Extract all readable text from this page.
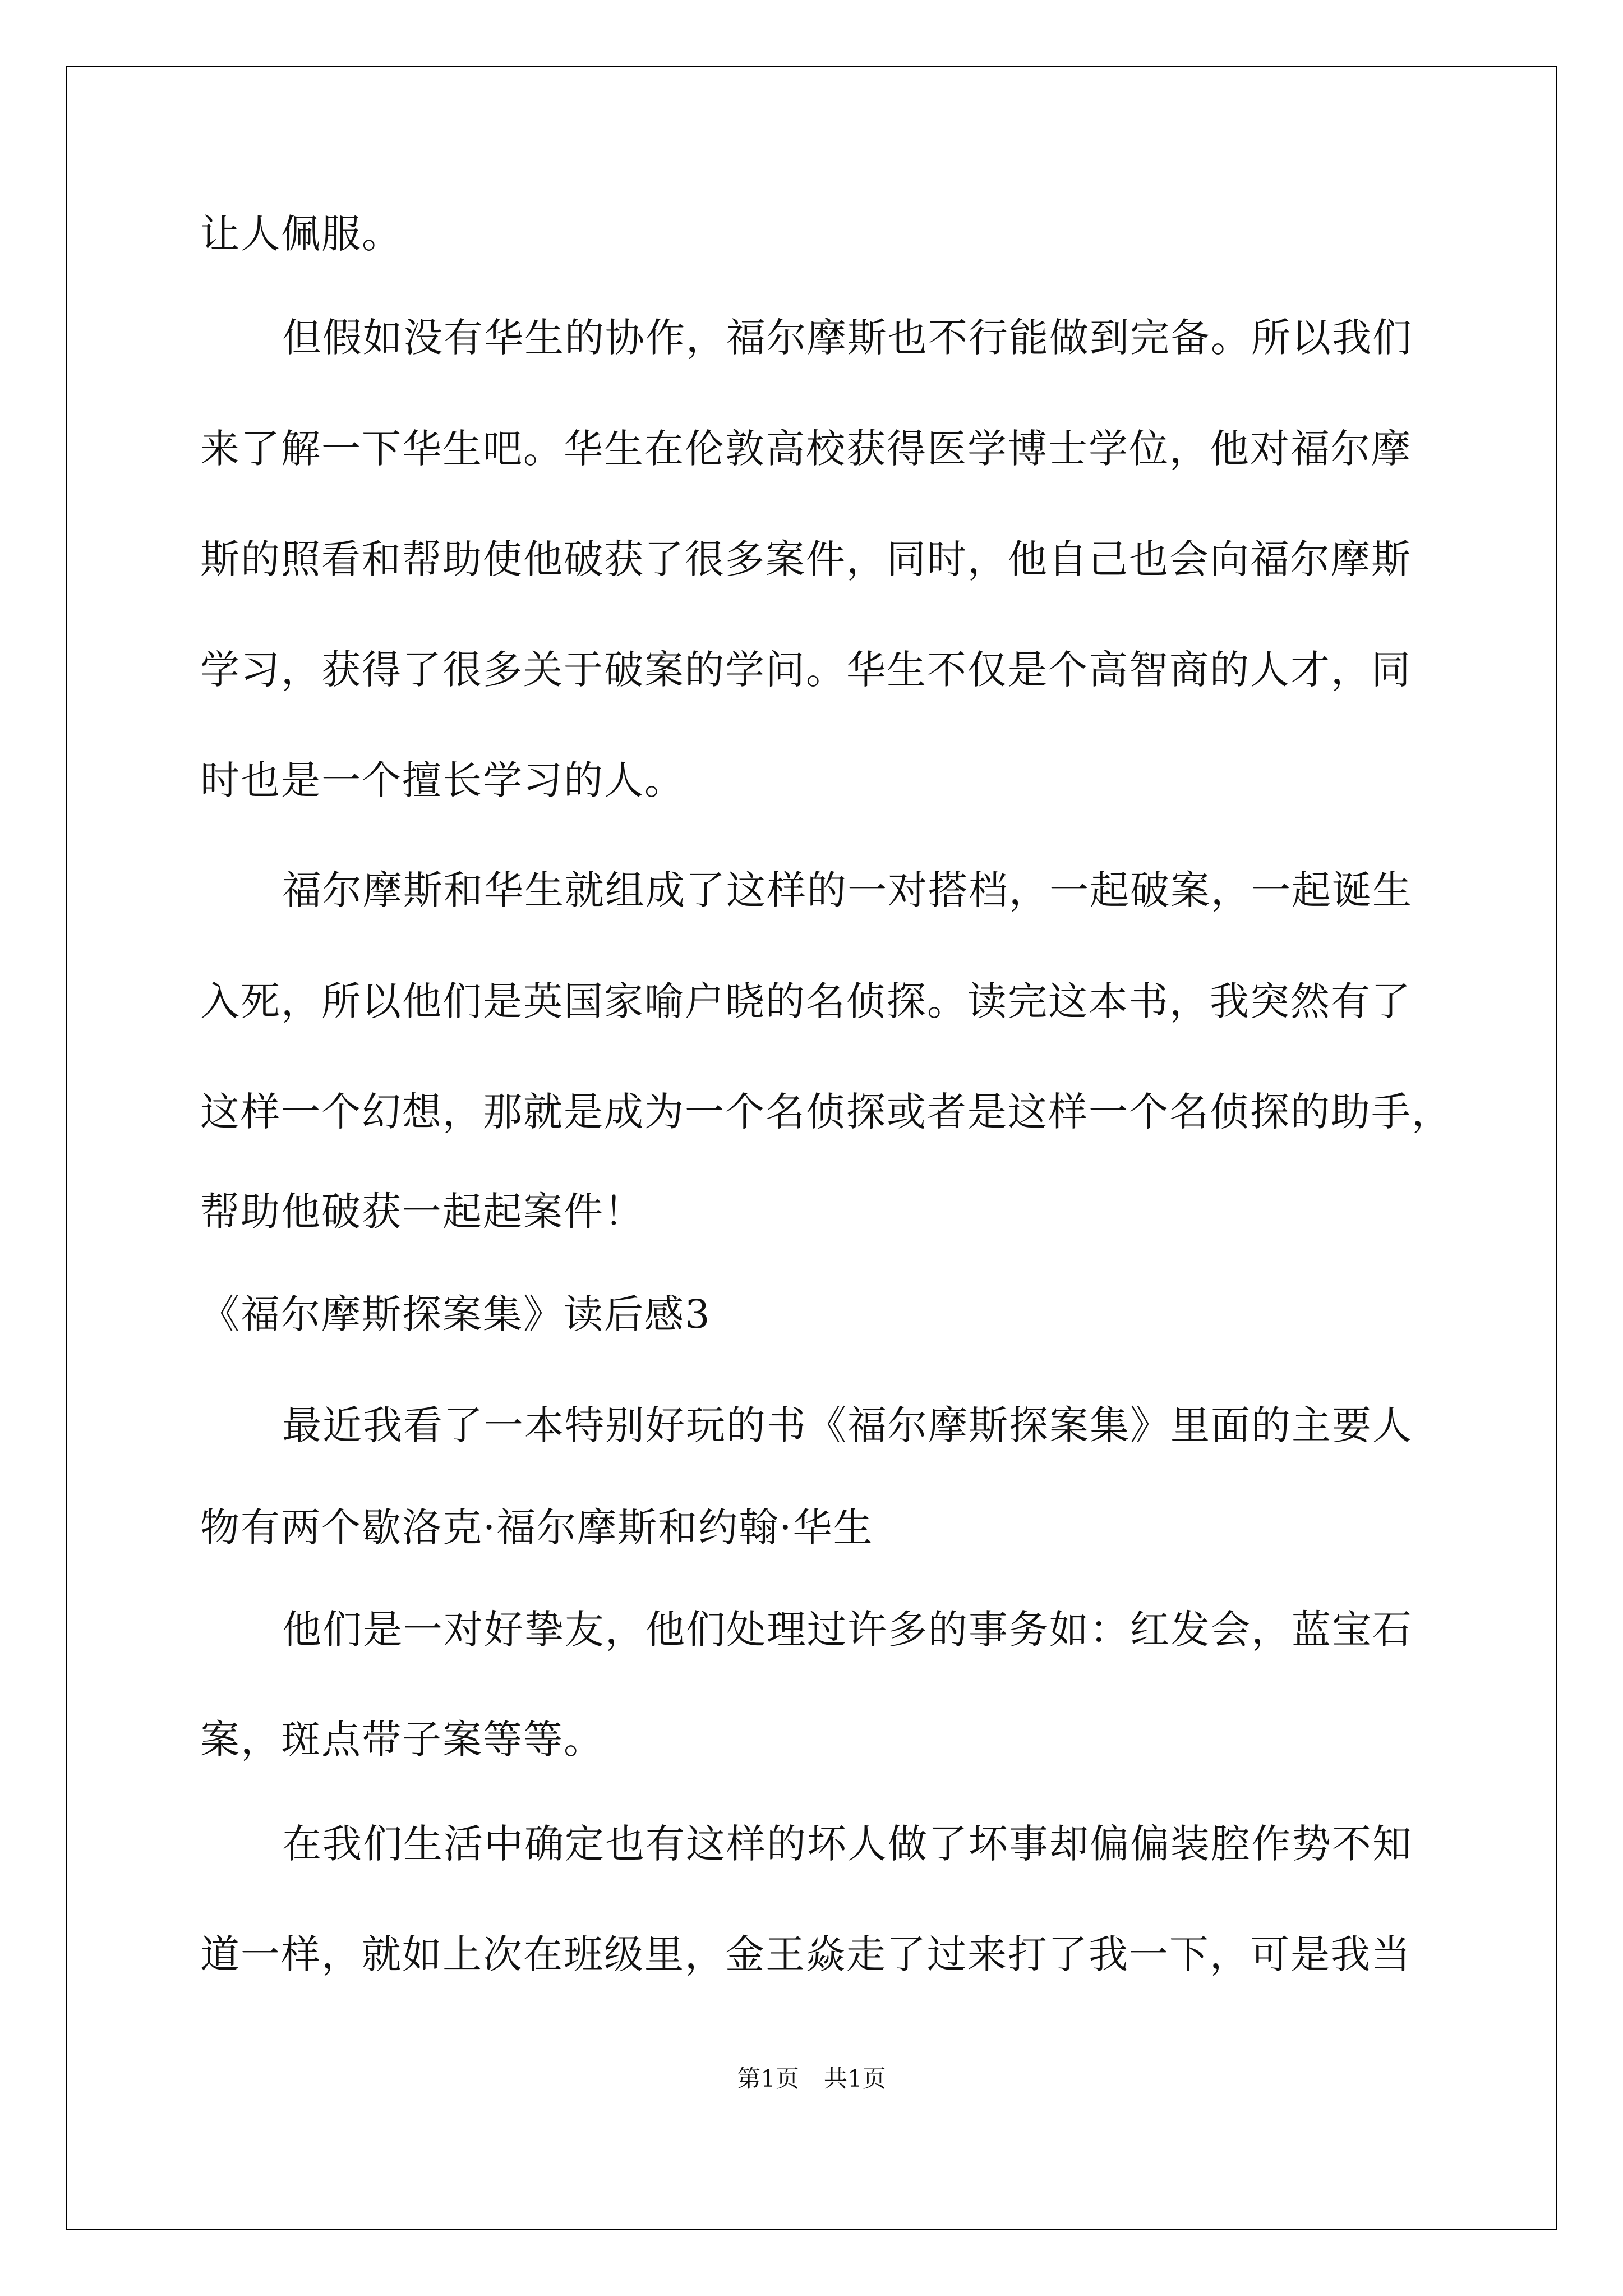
让人佩服。
但假如没有华生的协作，福尔摩斯也不行能做到完备。所以我们
来了解一下华生吧。华生在伦敦高校获得医学博士学位，他对福尔摩
斯的照看和帮助使他破获了很多案件，同时，他自己也会向福尔摩斯
学习，获得了很多关于破案的学问。华生不仅是个高智商的人才，同
时也是一个擅长学习的人。
福尔摩斯和华生就组成了这样的一对搭档，一起破案，一起诞生
入死，所以他们是英国家喻户晓的名侦探。读完这本书，我突然有了
这样一个幻想，那就是成为一个名侦探或者是这样一个名侦探的助手，
帮助他破获一起起案件！
《福尔摩斯探案集》读后感3
最近我看了一本特别好玩的书《福尔摩斯探案集》里面的主要人
物有两个歇洛克·福尔摩斯和约翰·华生
他们是一对好挚友，他们处理过许多的事务如：红发会，蓝宝石
案，斑点带子案等等。
在我们生活中确定也有这样的坏人做了坏事却偏偏装腔作势不知
道一样，就如上次在班级里，金王焱走了过来打了我一下，可是我当
第1页 共1页
